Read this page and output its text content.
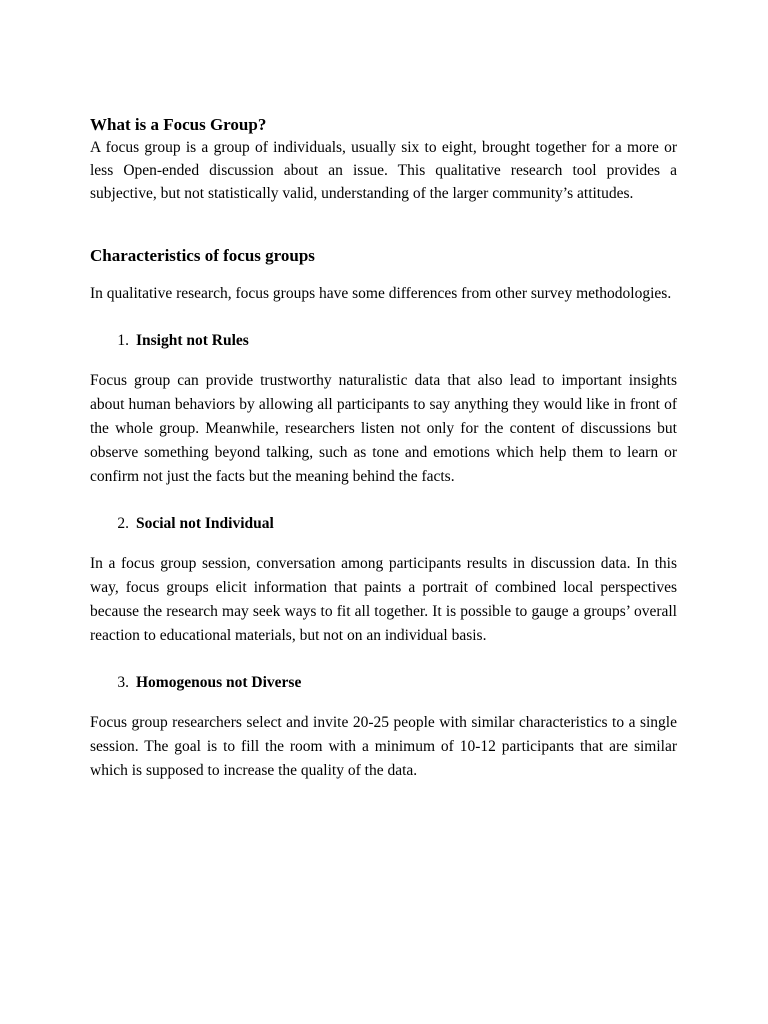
What is a Focus Group?

A focus group is a group of individuals, usually six to eight, brought together for a more or less Open-ended discussion about an issue. This qualitative research tool provides a subjective, but not statistically valid, understanding of the larger community’s attitudes.

Characteristics of focus groups

In qualitative research, focus groups have some differences from other survey methodologies.

1. Insight not Rules

Focus group can provide trustworthy naturalistic data that also lead to important insights about human behaviors by allowing all participants to say anything they would like in front of the whole group. Meanwhile, researchers listen not only for the content of discussions but observe something beyond talking, such as tone and emotions which help them to learn or confirm not just the facts but the meaning behind the facts.

2. Social not Individual

In a focus group session, conversation among participants results in discussion data. In this way, focus groups elicit information that paints a portrait of combined local perspectives because the research may seek ways to fit all together. It is possible to gauge a groups’ overall reaction to educational materials, but not on an individual basis.

3. Homogenous not Diverse

Focus group researchers select and invite 20-25 people with similar characteristics to a single session. The goal is to fill the room with a minimum of 10-12 participants that are similar which is supposed to increase the quality of the data.
